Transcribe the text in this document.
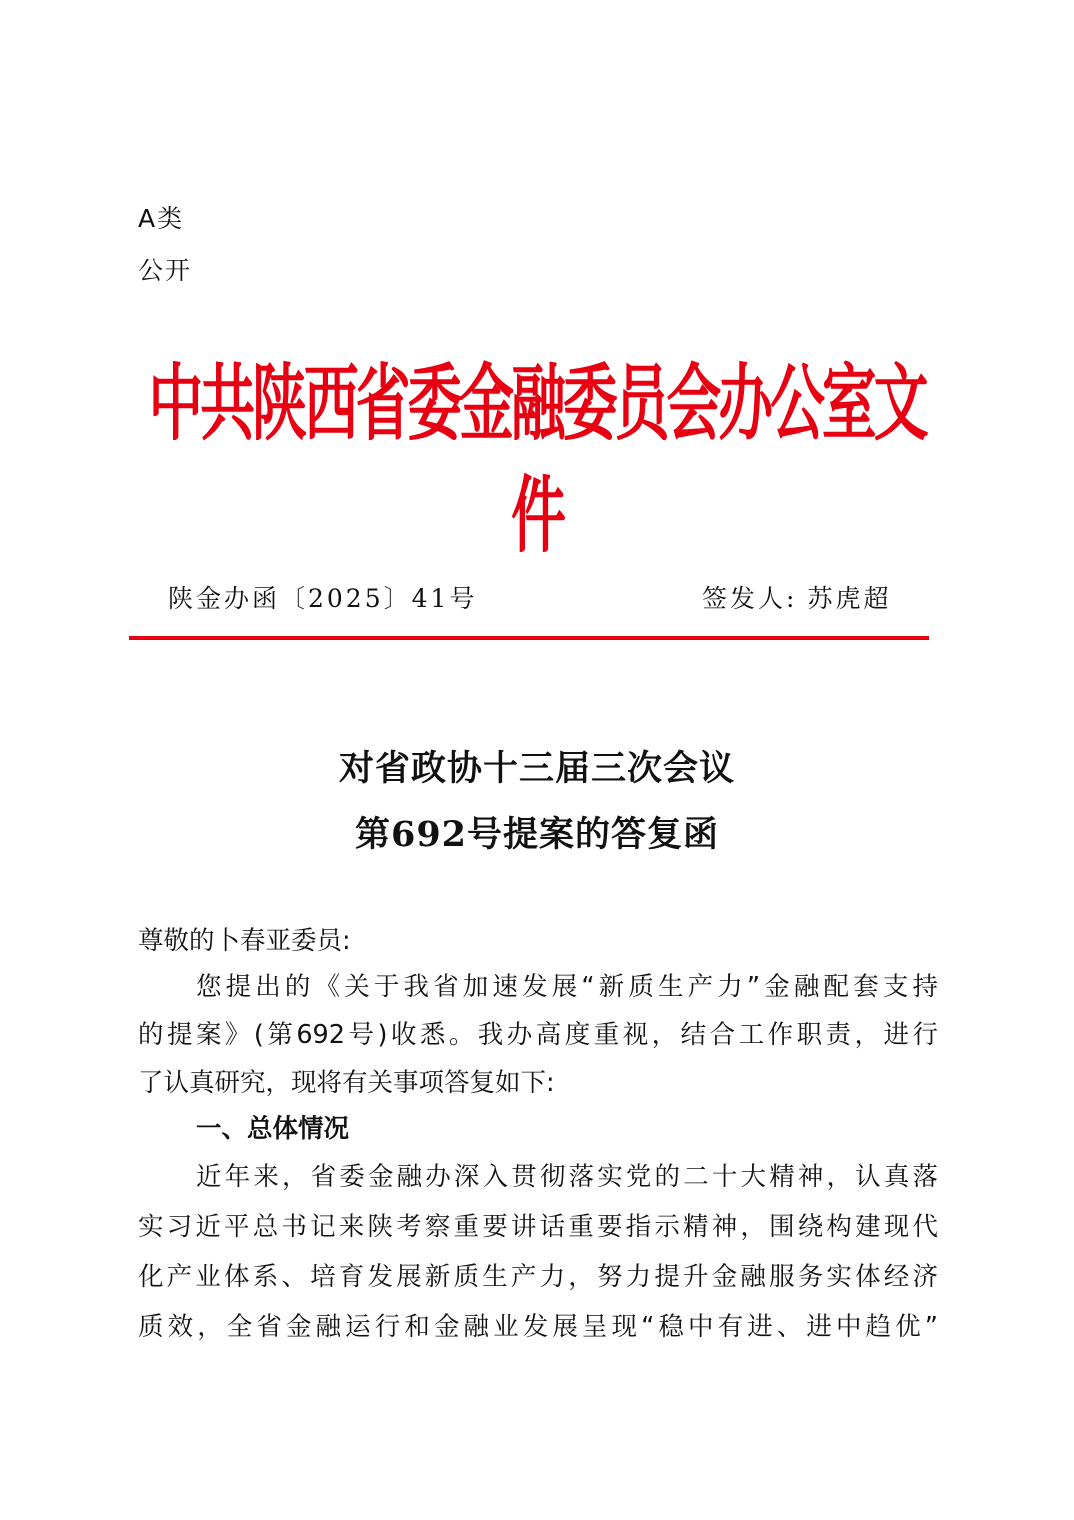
A类
公开
中共陕西省委金融委员会办公室文件
陕金办函〔2025〕41号	签发人: 苏虎超
对省政协十三届三次会议
第692号提案的答复函
尊敬的卜春亚委员:
您提出的《关于我省加速发展“新质生产力”金融配套支持
的提案》(第692号)收悉。我办高度重视，结合工作职责，进行
了认真研究，现将有关事项答复如下:
一、总体情况
近年来，省委金融办深入贯彻落实党的二十大精神，认真落
实习近平总书记来陕考察重要讲话重要指示精神，围绕构建现代
化产业体系、培育发展新质生产力，努力提升金融服务实体经济
质效，全省金融运行和金融业发展呈现“稳中有进、进中趋优”
